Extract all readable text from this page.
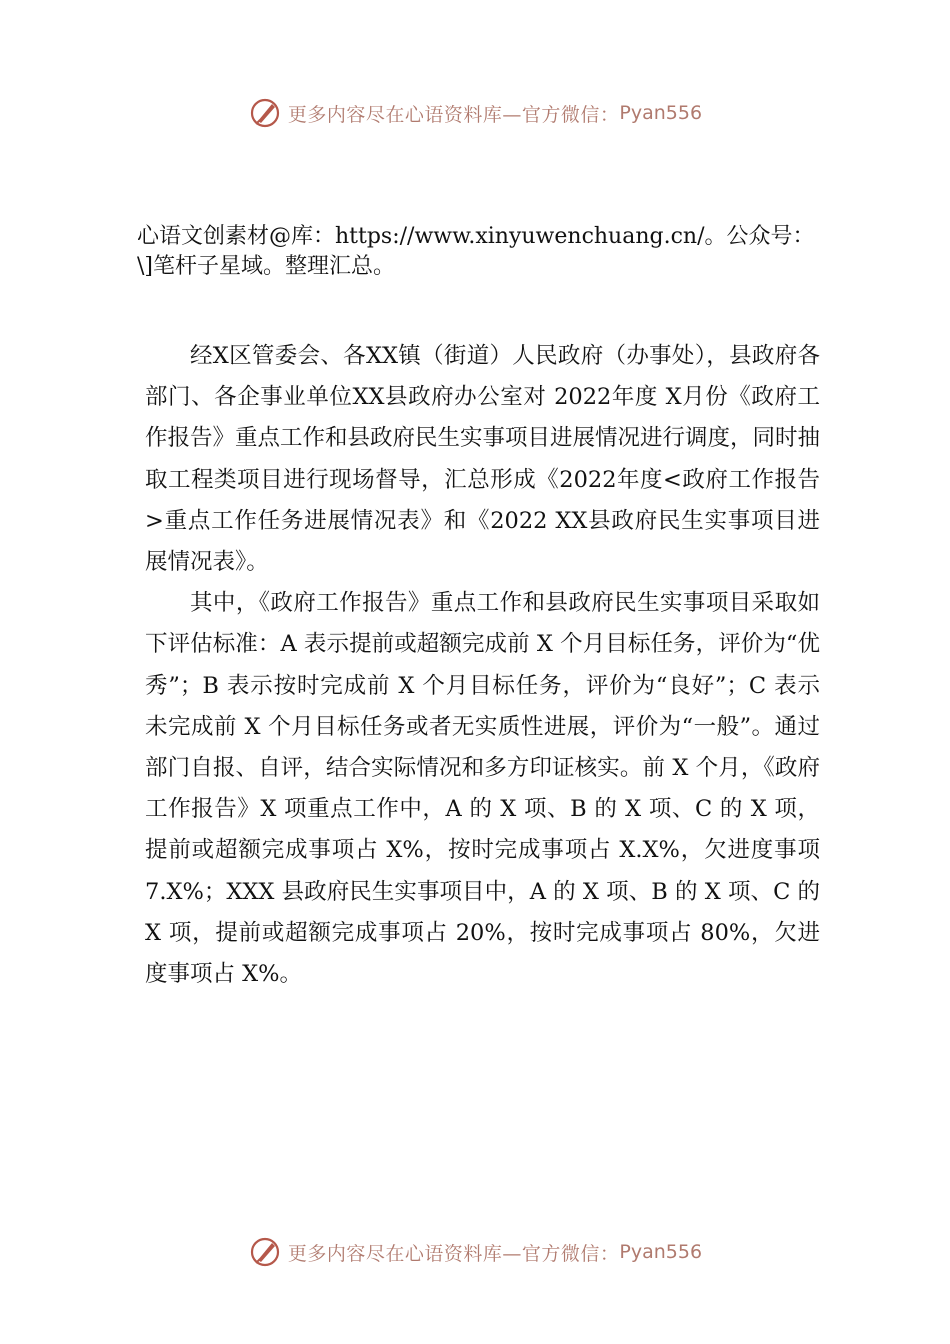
更多内容尽在心语资料库—官方微信： Pyan556
心语文创素材@库：https://www.xinyuwenchuang.cn/。公众号：\]笔杆子星域。整理汇总。

经X区管委会、各XX镇（街道）人民政府（办事处），县政府各部门、各企事业单位XX县政府办公室对 2022年度 X月份《政府工作报告》重点工作和县政府民生实事项目进展情况进行调度，同时抽取工程类项目进行现场督导，汇总形成《2022年度<政府工作报告>重点工作任务进展情况表》和《2022 XX县政府民生实事项目进展情况表》。

其中，《政府工作报告》重点工作和县政府民生实事项目采取如下评估标准：A 表示提前或超额完成前 X 个月目标任务，评价为“优秀”；B 表示按时完成前 X 个月目标任务，评价为“良好”；C 表示未完成前 X 个月目标任务或者无实质性进展，评价为“一般”。通过部门自报、自评，结合实际情况和多方印证核实。前 X 个月，《政府工作报告》X 项重点工作中，A 的 X 项、B 的 X 项、C 的 X 项，提前或超额完成事项占 X%，按时完成事项占 X.X%，欠进度事项 7.X%；XXX 县政府民生实事项目中，A 的 X 项、B 的 X 项、C 的 X 项，提前或超额完成事项占 20%，按时完成事项占 80%，欠进度事项占 X%。

更多内容尽在心语资料库—官方微信： Pyan556
